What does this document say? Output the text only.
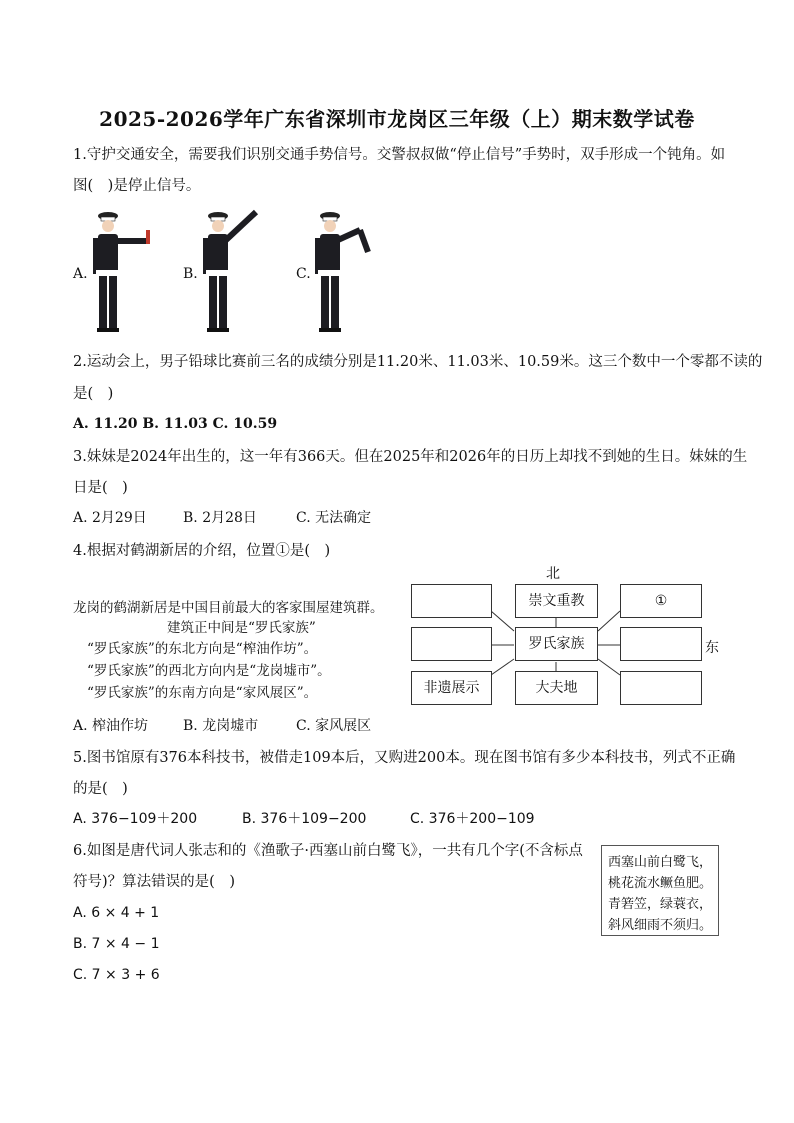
2025-2026学年广东省深圳市龙岗区三年级（上）期末数学试卷
1.守护交通安全，需要我们识别交通手势信号。交警叔叔做“停止信号”手势时，双手形成一个钝角。如
图(　)是停止信号。
A.	B.	C.
2.运动会上，男子铅球比赛前三名的成绩分别是11.20米、11.03米、10.59米。这三个数中一个零都不读的
是(　)
A. 11.20 B. 11.03 C. 10.59
3.妹妹是2024年出生的，这一年有366天。但在2025年和2026年的日历上却找不到她的生日。妹妹的生
日是(　)
A. 2月29日	B. 2月28日	C. 无法确定
4.根据对鹤湖新居的介绍，位置①是(　)
龙岗的鹤湖新居是中国目前最大的客家围屋建筑群。
建筑正中间是“罗氏家族”
“罗氏家族”的东北方向是“榨油作坊”。
“罗氏家族”的西北方向内是“龙岗墟市”。
“罗氏家族”的东南方向是“家风展区”。
北
东
崇文重教	①
罗氏家族
非遗展示	大夫地
A. 榨油作坊 B. 龙岗墟市	C. 家风展区
5.图书馆原有376本科技书，被借走109本后，又购进200本。现在图书馆有多少本科技书，列式不正确
的是(　)
A. 376−109＋200	B. 376＋109−200	C. 376＋200−109
6.如图是唐代词人张志和的《渔歌子·西塞山前白鹭飞》，一共有几个字(不含标点
符号)？算法错误的是(　)
A. 6 × 4 + 1
B. 7 × 4 − 1
C. 7 × 3 + 6
西塞山前白鹭飞，
桃花流水鳜鱼肥。
青箬笠，绿蓑衣，
斜风细雨不须归。
